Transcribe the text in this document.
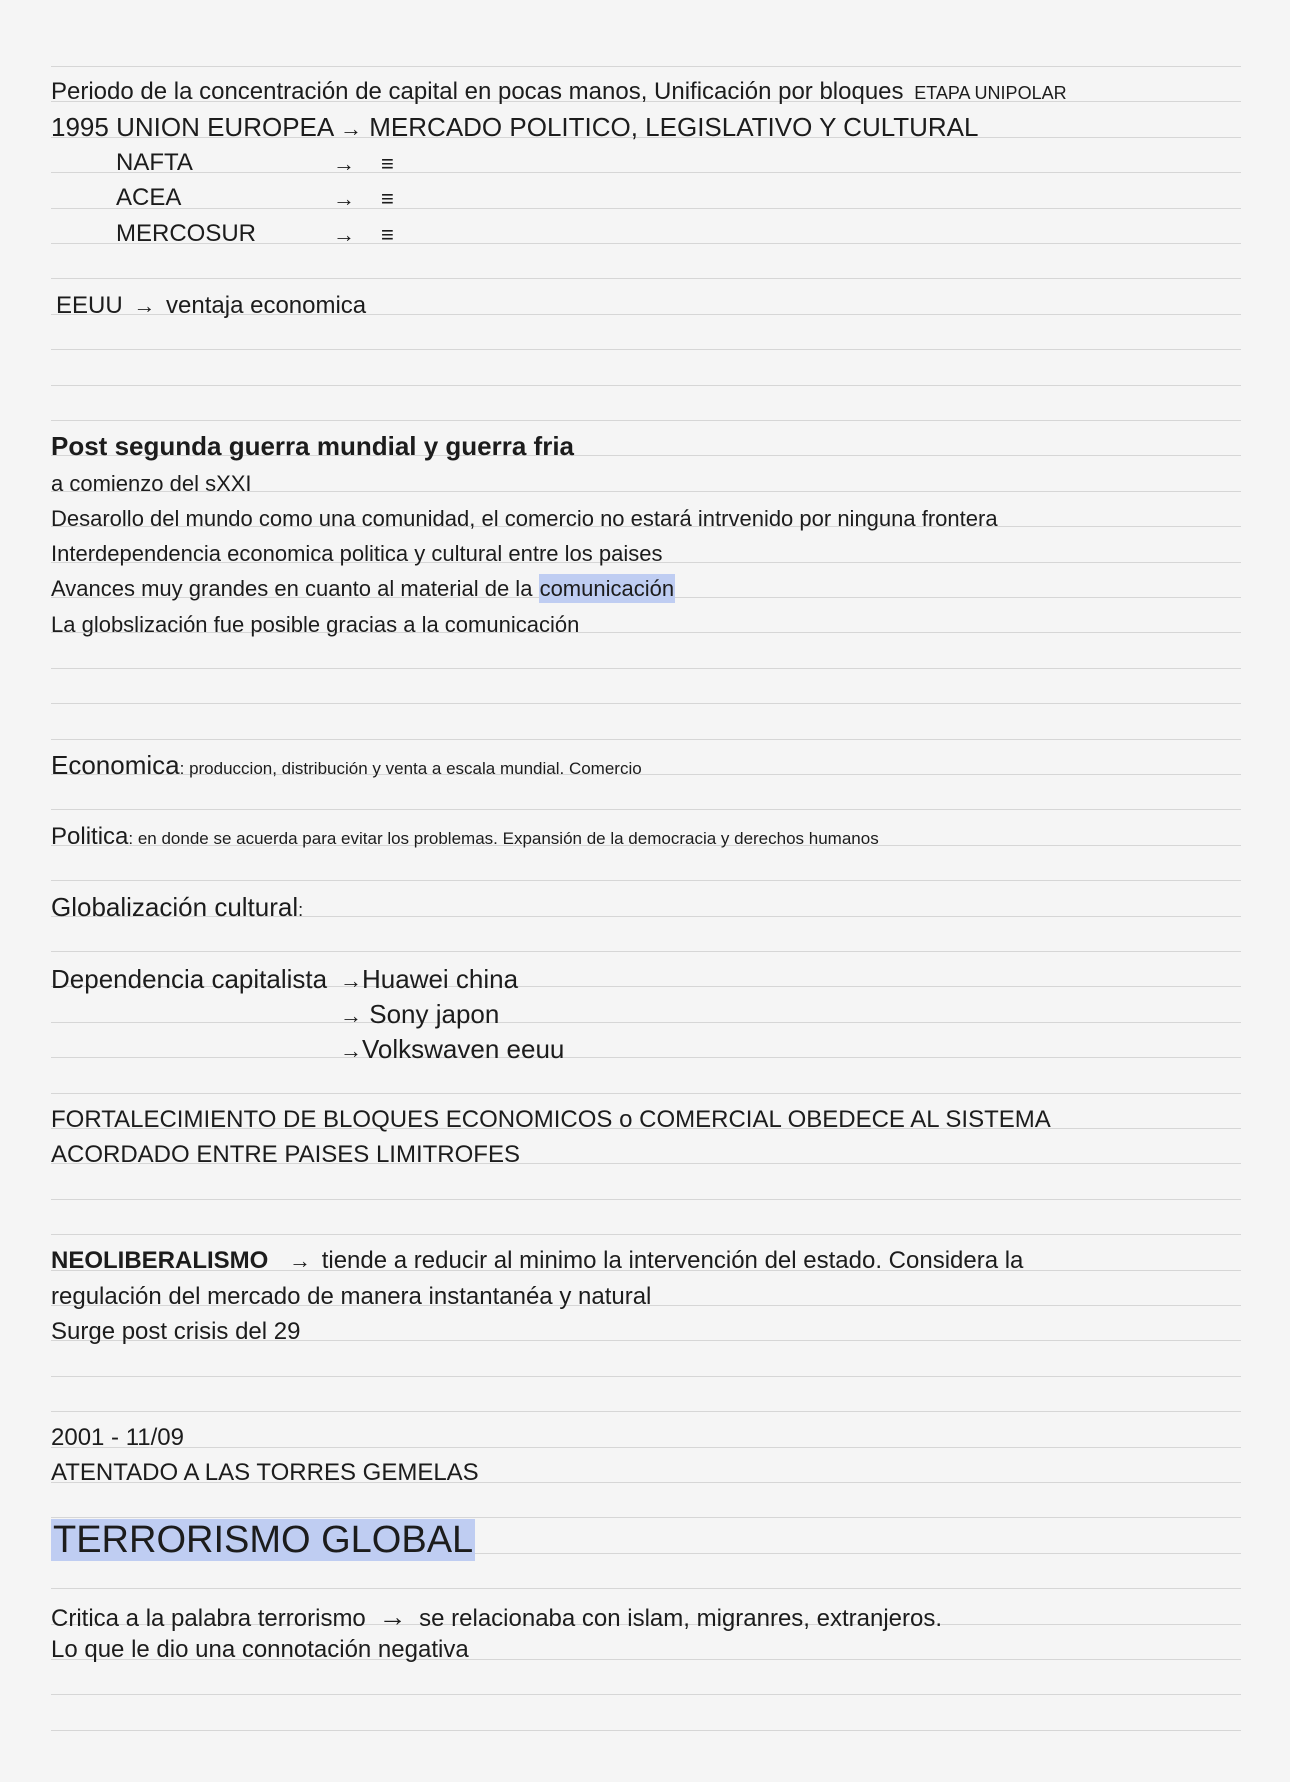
Periodo de la concentración de capital en pocas manos, Unificación por bloques ETAPA UNIPOLAR
1995 UNION EUROPEA → MERCADO POLITICO, LEGISLATIVO Y CULTURAL
NAFTA	→ ≡
ACEA	→ ≡
MERCOSUR	→ ≡
EEUU → ventaja economica
Post segunda guerra mundial y guerra fria
a comienzo del sXXI
Desarollo del mundo como una comunidad, el comercio no estará intrvenido por ninguna frontera
Interdependencia economica politica y cultural entre los paises
Avances muy grandes en cuanto al material de la comunicación
La globslización fue posible gracias a la comunicación
Economica: produccion, distribución y venta a escala mundial. Comercio
Politica: en donde se acuerda para evitar los problemas. Expansión de la democracia y derechos humanos
Globalización cultural:
Dependencia capitalista →Huawei china
→ Sony japon
→Volkswaven eeuu
FORTALECIMIENTO DE BLOQUES ECONOMICOS o COMERCIAL OBEDECE AL SISTEMA
ACORDADO ENTRE PAISES LIMITROFES
NEOLIBERALISMO → tiende a reducir al minimo la intervención del estado. Considera la
regulación del mercado de manera instantanéa y natural
Surge post crisis del 29
2001 - 11/09
ATENTADO A LAS TORRES GEMELAS
TERRORISMO GLOBAL
Critica a la palabra terrorismo → se relacionaba con islam, migranres, extranjeros.
Lo que le dio una connotación negativa
